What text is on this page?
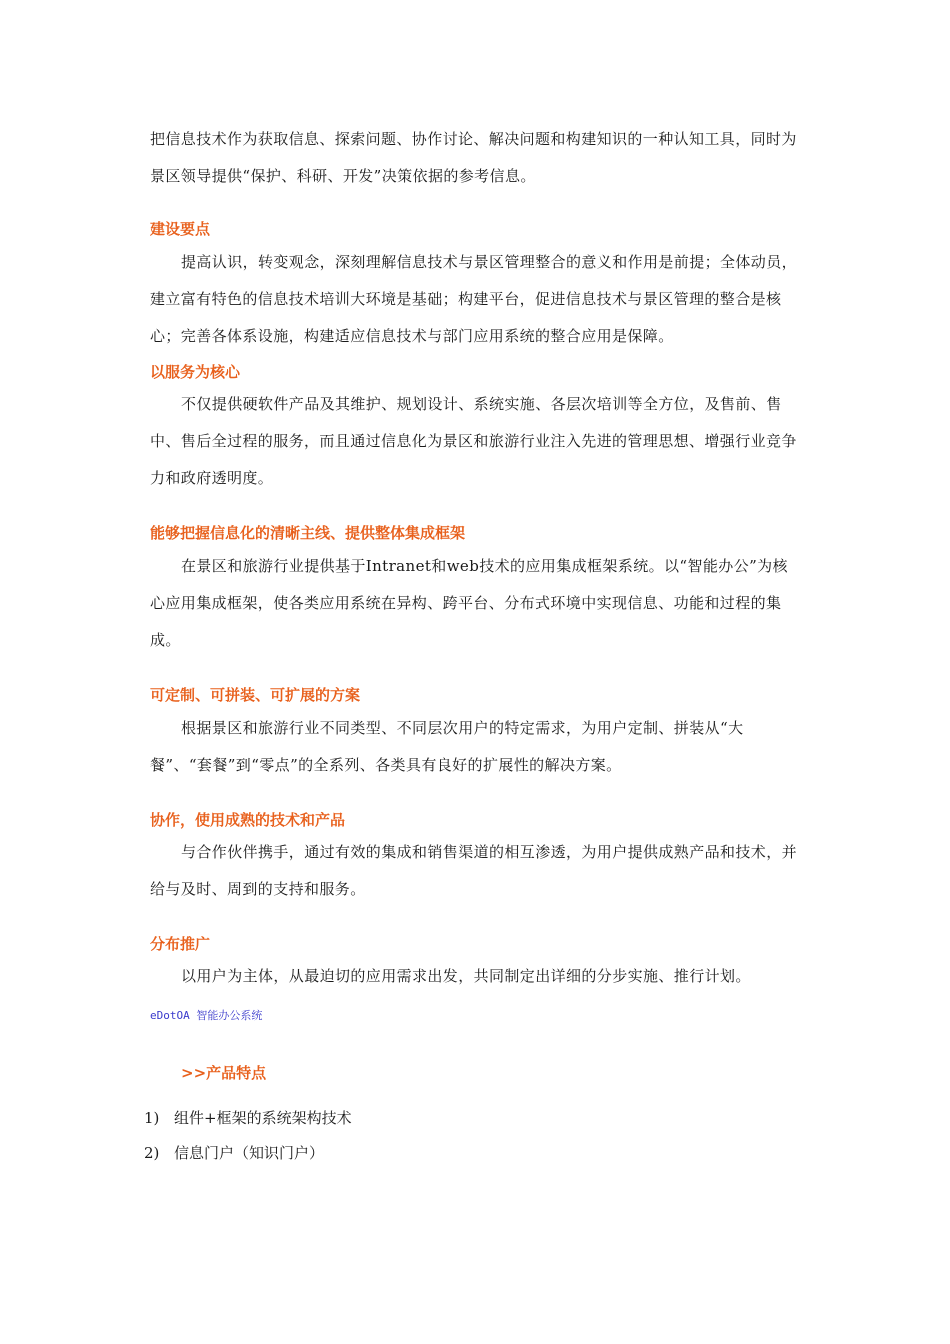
把信息技术作为获取信息、探索问题、协作讨论、解决问题和构建知识的一种认知工具，同时为景区领导提供“保护、科研、开发”决策依据的参考信息。

建设要点

提高认识，转变观念，深刻理解信息技术与景区管理整合的意义和作用是前提；全体动员，建立富有特色的信息技术培训大环境是基础；构建平台，促进信息技术与景区管理的整合是核心；完善各体系设施，构建适应信息技术与部门应用系统的整合应用是保障。

以服务为核心

不仅提供硬软件产品及其维护、规划设计、系统实施、各层次培训等全方位，及售前、售中、售后全过程的服务，而且通过信息化为景区和旅游行业注入先进的管理思想、增强行业竞争力和政府透明度。

能够把握信息化的清晰主线、提供整体集成框架

在景区和旅游行业提供基于Intranet和web技术的应用集成框架系统。以“智能办公”为核心应用集成框架，使各类应用系统在异构、跨平台、分布式环境中实现信息、功能和过程的集成。

可定制、可拼装、可扩展的方案

根据景区和旅游行业不同类型、不同层次用户的特定需求，为用户定制、拼装从“大餐”、“套餐”到“零点”的全系列、各类具有良好的扩展性的解决方案。

协作，使用成熟的技术和产品

与合作伙伴携手，通过有效的集成和销售渠道的相互渗透，为用户提供成熟产品和技术，并给与及时、周到的支持和服务。

分布推广

以用户为主体，从最迫切的应用需求出发，共同制定出详细的分步实施、推行计划。

eDotOA 智能办公系统
>>产品特点
1) 组件+框架的系统架构技术
2) 信息门户（知识门户）
